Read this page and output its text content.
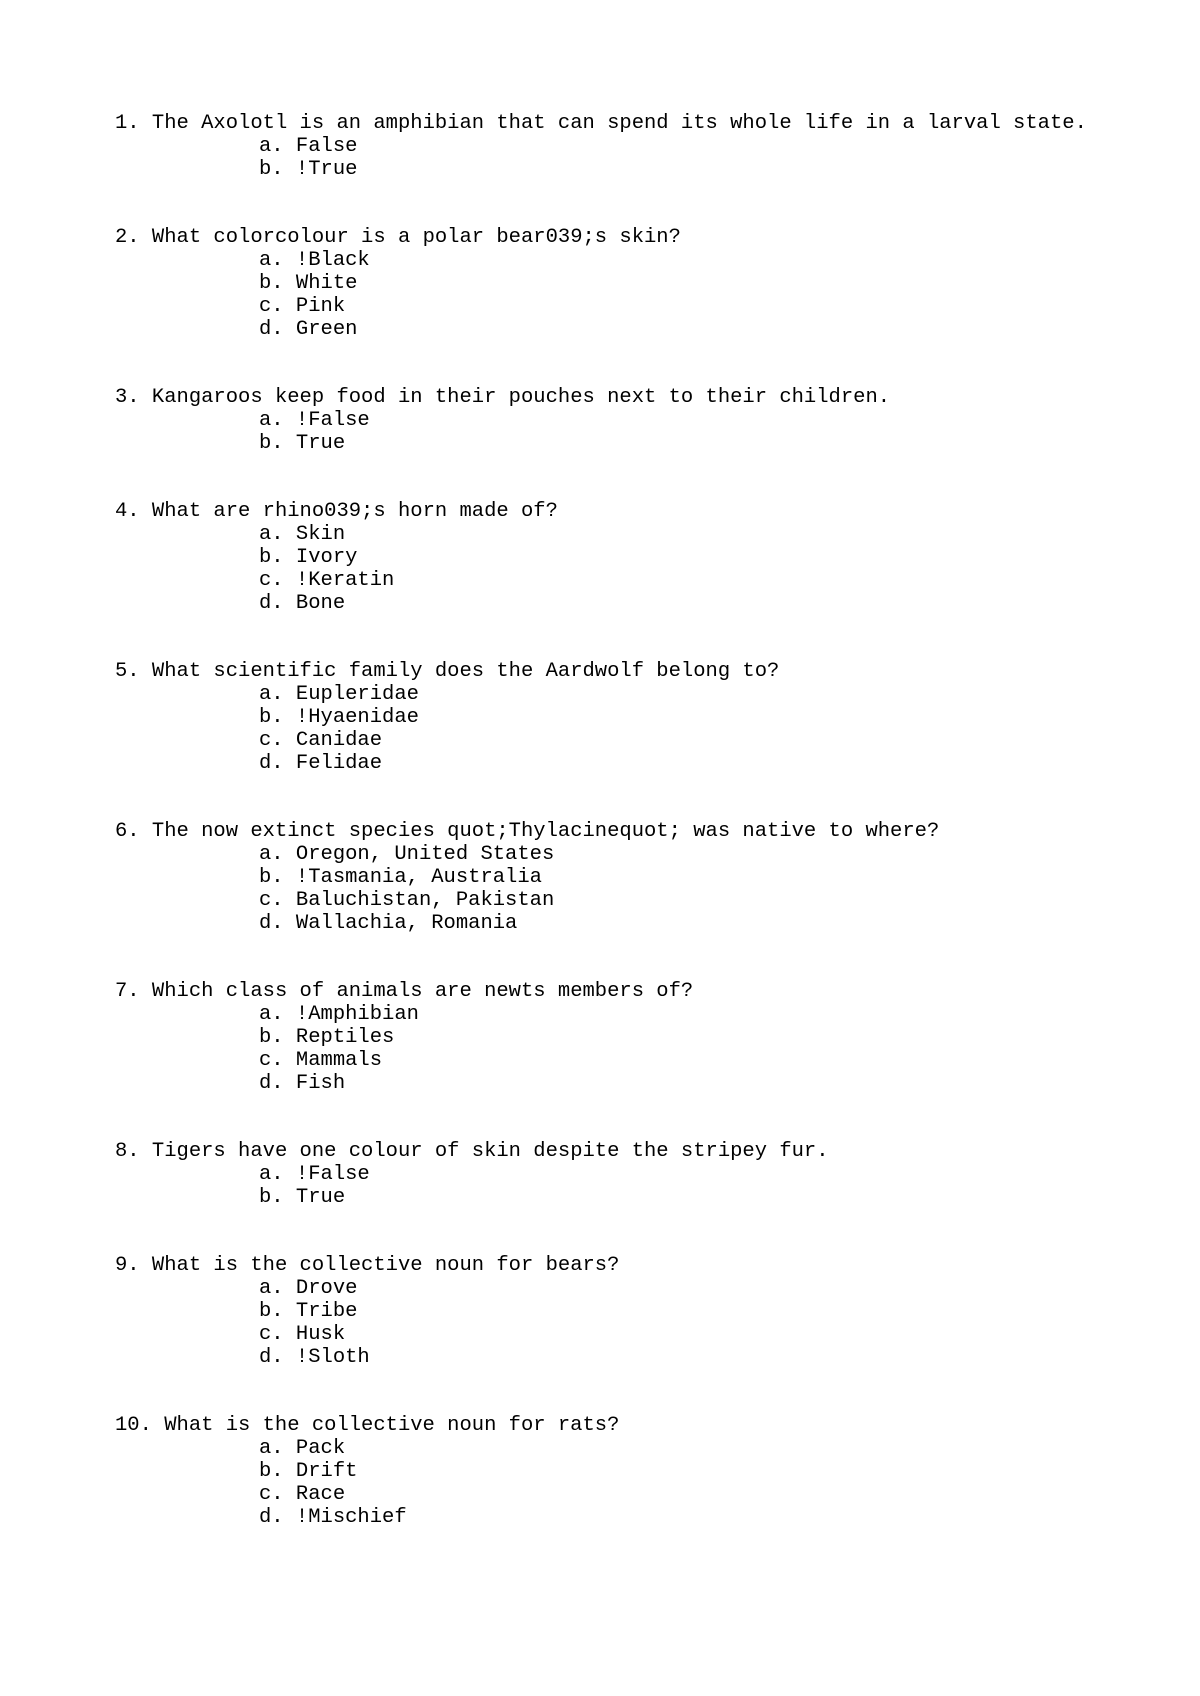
1. The Axolotl is an amphibian that can spend its whole life in a larval state.
a. False
b. !True
2. What colorcolour is a polar bear039;s skin?
a. !Black
b. White
c. Pink
d. Green
3. Kangaroos keep food in their pouches next to their children.
a. !False
b. True
4. What are rhino039;s horn made of?
a. Skin
b. Ivory
c. !Keratin
d. Bone
5. What scientific family does the Aardwolf belong to?
a. Eupleridae
b. !Hyaenidae
c. Canidae
d. Felidae
6. The now extinct species quot;Thylacinequot; was native to where?
a. Oregon, United States
b. !Tasmania, Australia
c. Baluchistan, Pakistan
d. Wallachia, Romania
7. Which class of animals are newts members of?
a. !Amphibian
b. Reptiles
c. Mammals
d. Fish
8. Tigers have one colour of skin despite the stripey fur.
a. !False
b. True
9. What is the collective noun for bears?
a. Drove
b. Tribe
c. Husk
d. !Sloth
10. What is the collective noun for rats?
a. Pack
b. Drift
c. Race
d. !Mischief
